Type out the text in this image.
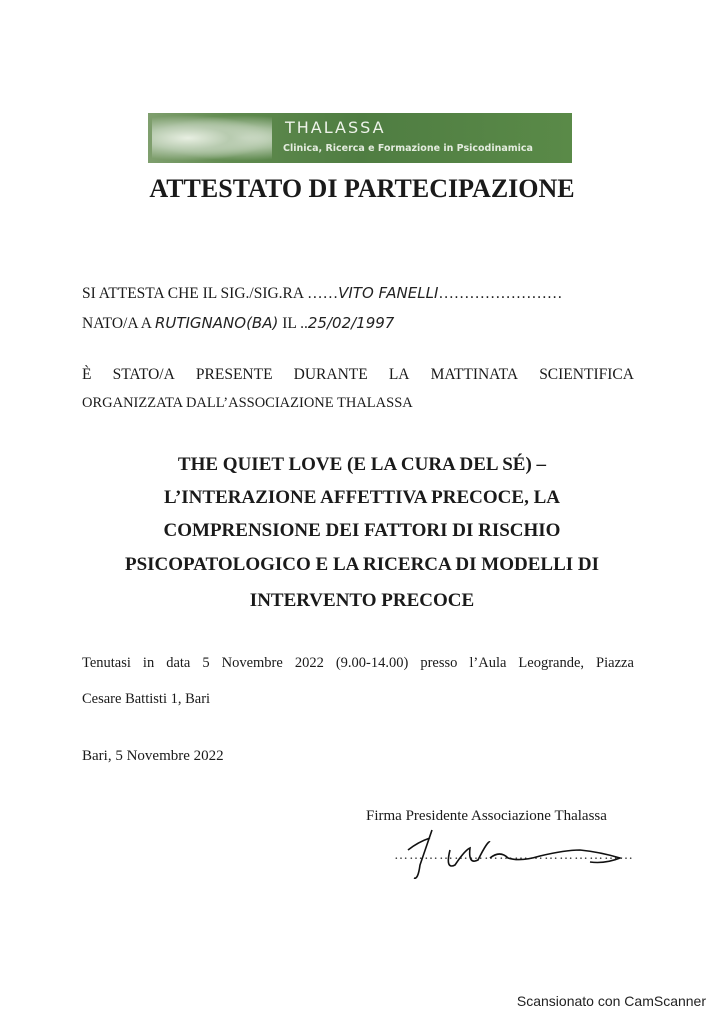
THALASSA
Clinica, Ricerca e Formazione in Psicodinamica
ATTESTATO DI PARTECIPAZIONE
SI ATTESTA CHE IL SIG./SIG.RA ……VITO FANELLI……………………
NATO/A A RUTIGNANO(BA) IL ..25/02/1997
È STATO/A PRESENTE DURANTE LA MATTINATA SCIENTIFICA
ORGANIZZATA DALL’ASSOCIAZIONE THALASSA
THE QUIET LOVE (E LA CURA DEL SÉ) –
L’INTERAZIONE AFFETTIVA PRECOCE, LA
COMPRENSIONE DEI FATTORI DI RISCHIO
PSICOPATOLOGICO E LA RICERCA DI MODELLI DI
INTERVENTO PRECOCE
Tenutasi in data 5 Novembre 2022 (9.00-14.00) presso l’Aula Leogrande, Piazza
Cesare Battisti 1, Bari
Bari, 5 Novembre 2022
Firma Presidente Associazione Thalassa
…………………………………………
Scansionato con CamScanner
